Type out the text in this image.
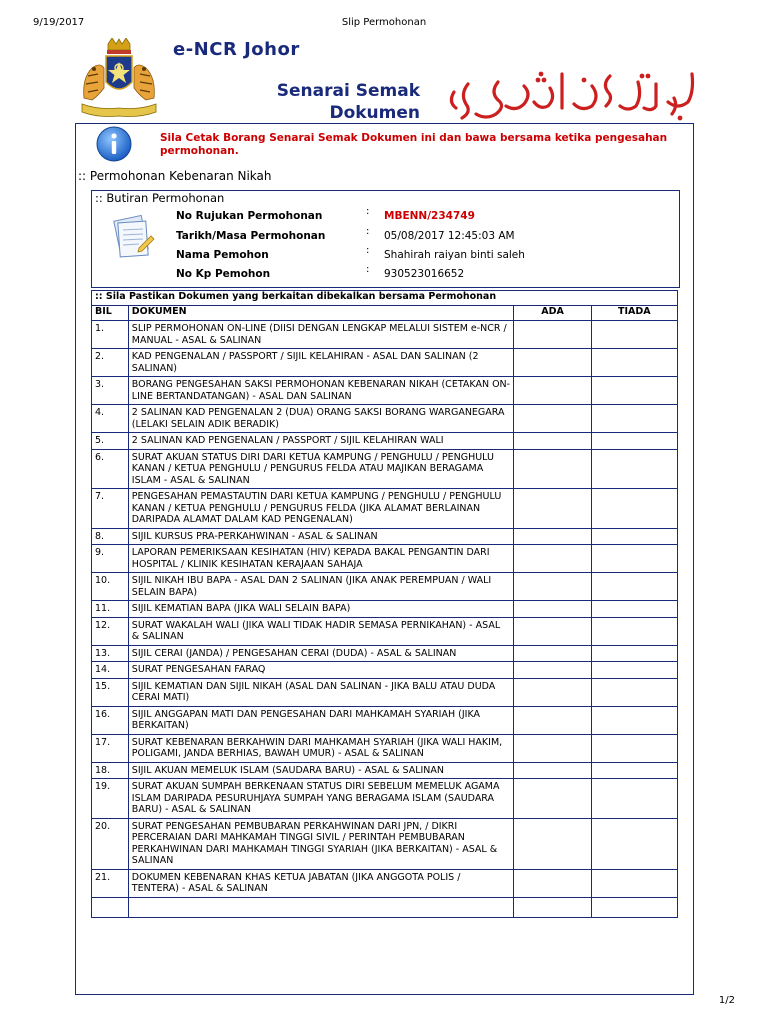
9/19/2017	Slip Permohonan
e-NCR Johor
Senarai Semak
Dokumen
Sila Cetak Borang Senarai Semak Dokumen ini dan bawa bersama ketika pengesahan permohonan.
:: Permohonan Kebenaran Nikah
:: Butiran Permohonan
No Rujukan Permohonan	: MBENN/234749
Tarikh/Masa Permohonan	: 05/08/2017 12:45:03 AM
Nama Pemohon	: Shahirah raiyan binti saleh
No Kp Pemohon	: 930523016652
:: Sila Pastikan Dokumen yang berkaitan dibekalkan bersama Permohonan			
BIL	DOKUMEN	ADA	TIADA
1.	SLIP PERMOHONAN ON-LINE (DIISI DENGAN LENGKAP MELALUI SISTEM e-NCR / MANUAL - ASAL & SALINAN		
2.	KAD PENGENALAN / PASSPORT / SIJIL KELAHIRAN - ASAL DAN SALINAN (2 SALINAN)		
3.	BORANG PENGESAHAN SAKSI PERMOHONAN KEBENARAN NIKAH (CETAKAN ON-LINE BERTANDATANGAN) - ASAL DAN SALINAN		
4.	2 SALINAN KAD PENGENALAN 2 (DUA) ORANG SAKSI BORANG WARGANEGARA (LELAKI SELAIN ADIK BERADIK)		
5.	2 SALINAN KAD PENGENALAN / PASSPORT / SIJIL KELAHIRAN WALI		
6.	SURAT AKUAN STATUS DIRI DARI KETUA KAMPUNG / PENGHULU / PENGHULU KANAN / KETUA PENGHULU / PENGURUS FELDA ATAU MAJIKAN BERAGAMA ISLAM - ASAL & SALINAN		
7.	PENGESAHAN PEMASTAUTIN DARI KETUA KAMPUNG / PENGHULU / PENGHULU KANAN / KETUA PENGHULU / PENGURUS FELDA (JIKA ALAMAT BERLAINAN DARIPADA ALAMAT DALAM KAD PENGENALAN)		
8.	SIJIL KURSUS PRA-PERKAHWINAN - ASAL & SALINAN		
9.	LAPORAN PEMERIKSAAN KESIHATAN (HIV) KEPADA BAKAL PENGANTIN DARI HOSPITAL / KLINIK KESIHATAN KERAJAAN SAHAJA		
10.	SIJIL NIKAH IBU BAPA - ASAL DAN 2 SALINAN (JIKA ANAK PEREMPUAN / WALI SELAIN BAPA)		
11.	SIJIL KEMATIAN BAPA (JIKA WALI SELAIN BAPA)		
12.	SURAT WAKALAH WALI (JIKA WALI TIDAK HADIR SEMASA PERNIKAHAN) - ASAL & SALINAN		
13.	SIJIL CERAI (JANDA) / PENGESAHAN CERAI (DUDA) - ASAL & SALINAN		
14.	SURAT PENGESAHAN FARAQ		
15.	SIJIL KEMATIAN DAN SIJIL NIKAH (ASAL DAN SALINAN - JIKA BALU ATAU DUDA CERAI MATI)		
16.	SIJIL ANGGAPAN MATI DAN PENGESAHAN DARI MAHKAMAH SYARIAH (JIKA BERKAITAN)		
17.	SURAT KEBENARAN BERKAHWIN DARI MAHKAMAH SYARIAH (JIKA WALI HAKIM, POLIGAMI, JANDA BERHIAS, BAWAH UMUR) - ASAL & SALINAN		
18.	SIJIL AKUAN MEMELUK ISLAM (SAUDARA BARU) - ASAL & SALINAN		
19.	SURAT AKUAN SUMPAH BERKENAAN STATUS DIRI SEBELUM MEMELUK AGAMA ISLAM DARIPADA PESURUHJAYA SUMPAH YANG BERAGAMA ISLAM (SAUDARA BARU) - ASAL & SALINAN		
20.	SURAT PENGESAHAN PEMBUBARAN PERKAHWINAN DARI JPN, / DIKRI PERCERAIAN DARI MAHKAMAH TINGGI SIVIL / PERINTAH PEMBUBARAN PERKAHWINAN DARI MAHKAMAH TINGGI SYARIAH (JIKA BERKAITAN) - ASAL & SALINAN		
21.	DOKUMEN KEBENARAN KHAS KETUA JABATAN (JIKA ANGGOTA POLIS / TENTERA) - ASAL & SALINAN		

1/2
